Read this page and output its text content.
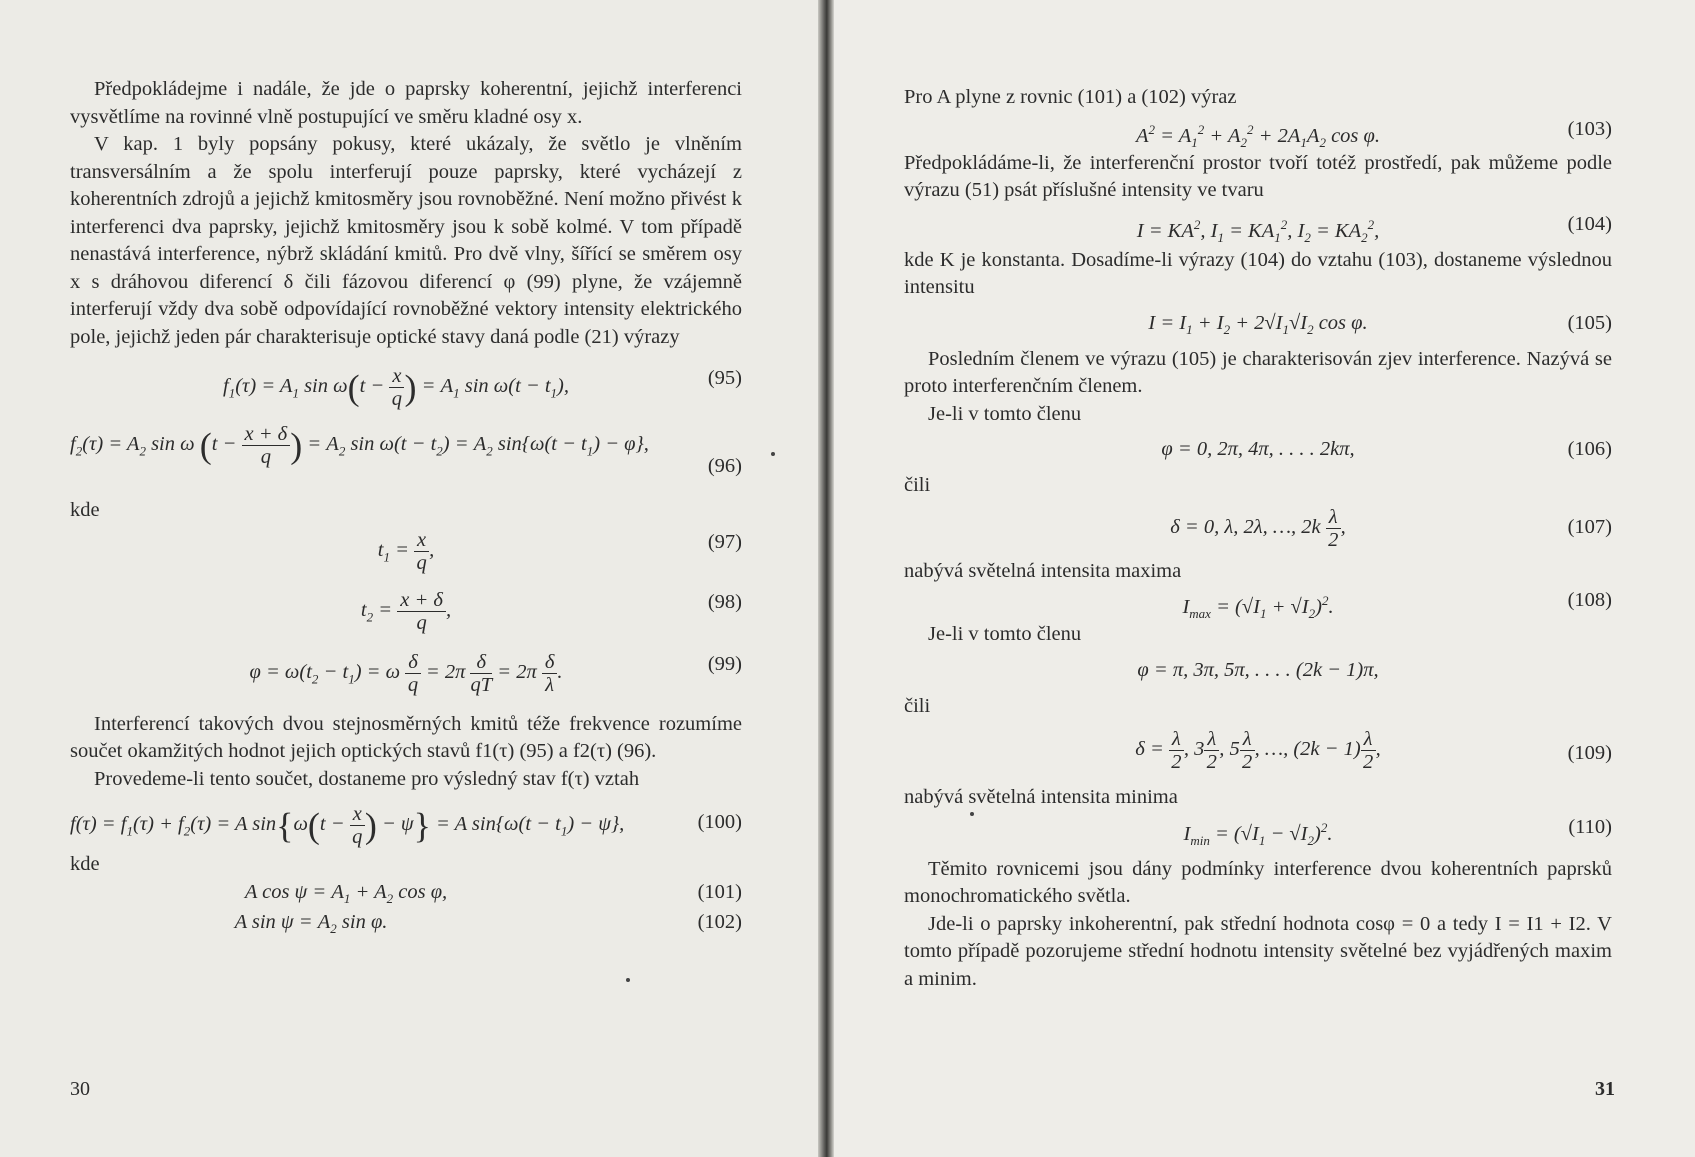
Předpokládejme i nadále, že jde o paprsky koherentní, jejichž interferenci vysvětlíme na rovinné vlně postupující ve směru kladné osy x.

V kap. 1 byly popsány pokusy, které ukázaly, že světlo je vlněním transversálním a že spolu interferují pouze paprsky, které vycházejí z koherentních zdrojů a jejichž kmitosměry jsou rovnoběžné. Není možno přivést k interferenci dva paprsky, jejichž kmitosměry jsou k sobě kolmé. V tom případě nenastává interference, nýbrž skládání kmitů. Pro dvě vlny, šířící se směrem osy x s dráhovou diferencí δ čili fázovou diferencí φ (99) plyne, že vzájemně interferují vždy dva sobě odpovídající rovnoběžné vektory intensity elektrického pole, jejichž jeden pár charakterisuje optické stavy daná podle (21) výrazy

$f_1(\tau) = A_1$ $\sin \omega(t - \frac{x}{q}$ ) = $A_1$ $\sin \omega(t - t_1)$,	(95)
$f_2(\tau) = A_2$ sin ω ($t - \frac{x + \delta}{q}$ ) = $A_2$ $\sin \omega(t - t_2) = A_2$ $\sin\{\omega(t - t_1) - \varphi\}$,
(96)

kde

$t_1 = \frac{x}{q}$ ,	(97)
$t_2 = \frac{x + \delta}{q}$ ,	(98)
$\varphi = \omega(t_2 - t_1) = \omega \frac{\delta}{q} = 2\pi \frac{\delta}{qT} = 2\pi \frac{\delta}{\lambda}$ .	(99)

Interferencí takových dvou stejnosměrných kmitů téže frekvence rozumíme součet okamžitých hodnot jejich optických stavů f1(τ) (95) a f2(τ) (96).

Provedeme-li tento součet, dostaneme pro výsledný stav f(τ) vztah

$f(\tau) = f_1(\tau) + f_2(\tau) = A$ $\sin\{\omega(t - \frac{x}{q}$ ) − ψ} = A $\sin\{\omega(t - t_1) - \psi\}$,	(100)

kde

A $\cos \psi = A_1 + A_2$ cos φ,	(101)
A $\sin \psi = A_2$ sin φ.	(102)
30

Pro A plyne z rovnic (101) a (102) výraz

$A^2 = A_1^2 + A_2^2 + 2A_1A_2$ cos φ.	(103)

Předpokládáme-li, že interferenční prostor tvoří totéž prostředí, pak můžeme podle výrazu (51) psát příslušné intensity ve tvaru

$I = KA^2$, $I_1 = KA_1^2$, $I_2 = KA_2^2$,	(104)

kde K je konstanta. Dosadíme-li výrazy (104) do vztahu (103), dostaneme výslednou intensitu

$I = I_1 + I_2 + 2√I_1√I_2$ cos φ.	(105)

Posledním členem ve výrazu (105) je charakterisován zjev interference. Nazývá se proto interferenčním členem.

Je-li v tomto členu

φ = 0, 2π, 4π, . . . . 2kπ,	(106)

čili

δ = 0, λ, 2λ, …, $2k \frac{\lambda}{2}$ ,	(107)

nabývá světelná intensita maxima

$I_{max} = (√I_1 + √I_2)^2$.	(108)

Je-li v tomto členu

φ = π, 3π, 5π, . . . . (2k − 1)π,

čili

$\delta = \frac{\lambda}{2}$ , $3 \frac{\lambda}{2}$ , $5 \frac{\lambda}{2}$ , …, $(2k - 1) \frac{\lambda}{2}$ ,	(109)

nabývá světelná intensita minima

$I_{min} = (√I_1 - √I_2)^2$.	(110)

Těmito rovnicemi jsou dány podmínky interference dvou koherentních paprsků monochromatického světla.

Jde-li o paprsky inkoherentní, pak střední hodnota cosφ = 0 a tedy I = I1 + I2. V tomto případě pozorujeme střední hodnotu intensity světelné bez vyjádřených maxim a minim.

31
